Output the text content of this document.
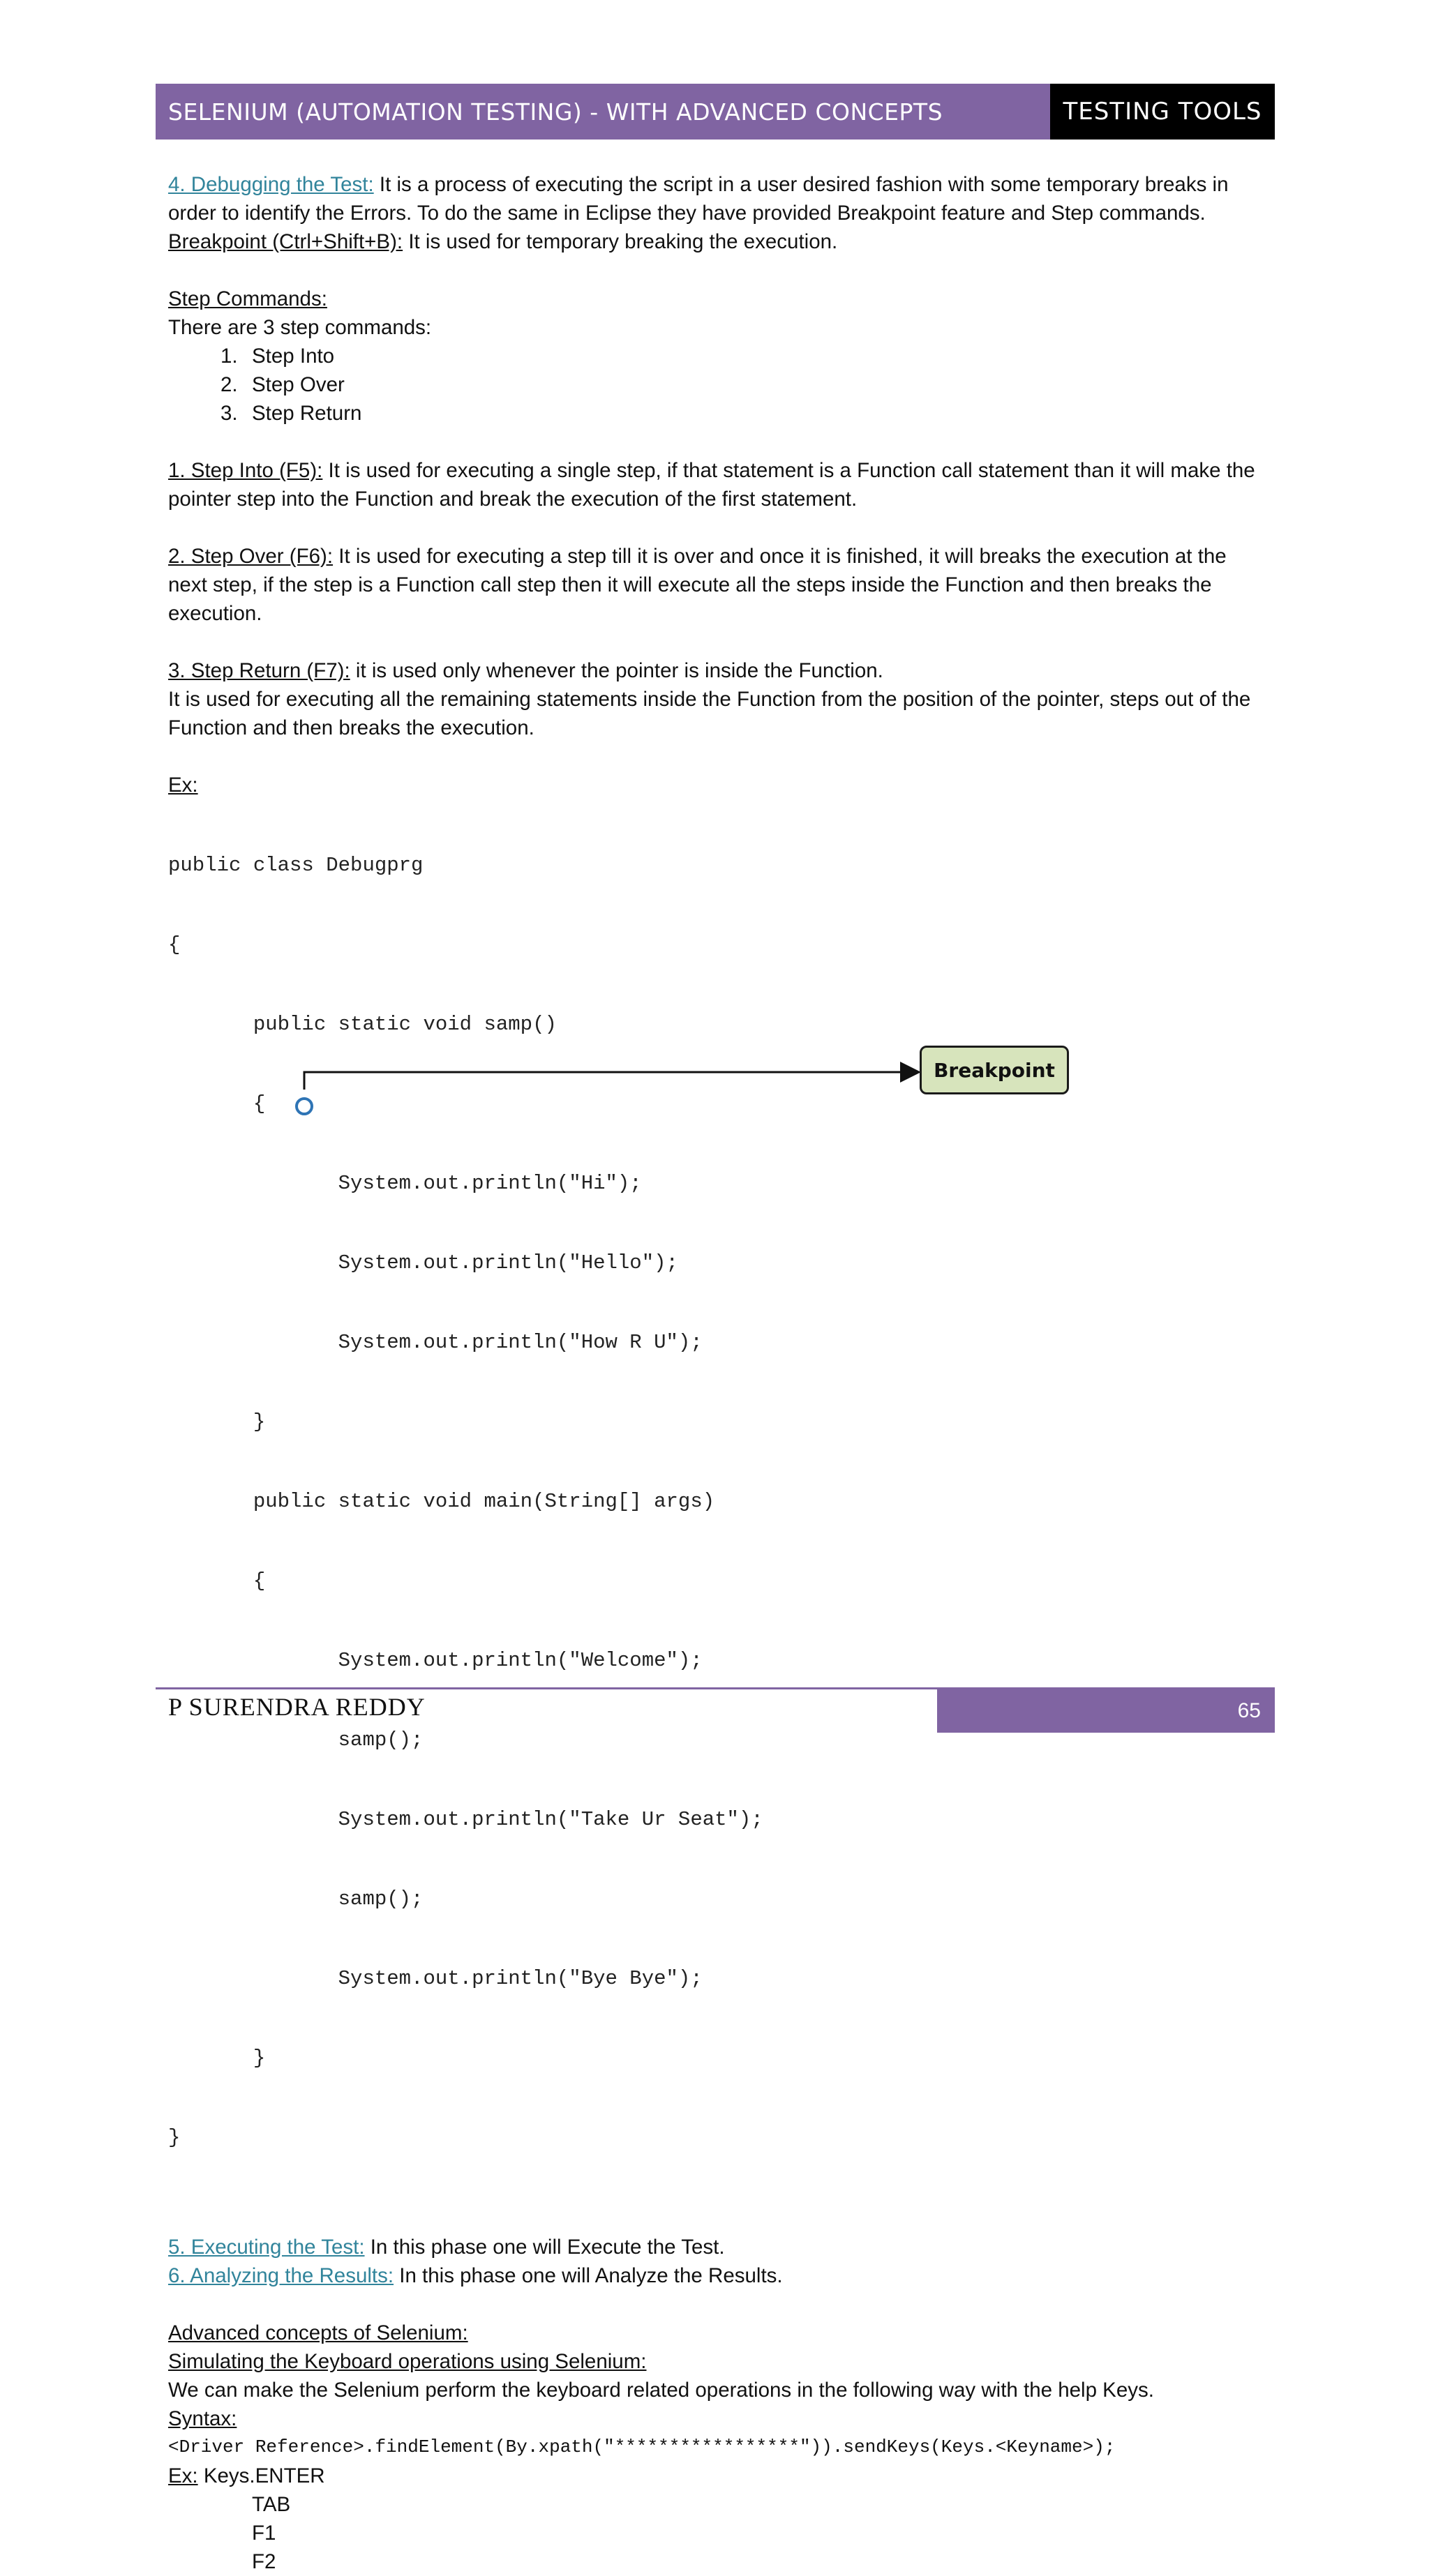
SELENIUM (AUTOMATION TESTING) - WITH ADVANCED CONCEPTS	TESTING TOOLS

4. Debugging the Test: It is a process of executing the script in a user desired fashion with some temporary breaks in order to identify the Errors. To do the same in Eclipse they have provided Breakpoint feature and Step commands.

Breakpoint (Ctrl+Shift+B): It is used for temporary breaking the execution.

Step Commands:

There are 3 step commands:

1. Step Into
2. Step Over
3. Step Return

1. Step Into (F5): It is used for executing a single step, if that statement is a Function call statement than it will make the pointer step into the Function and break the execution of the first statement.

2. Step Over (F6): It is used for executing a step till it is over and once it is finished, it will breaks the execution at the next step, if the step is a Function call step then it will execute all the steps inside the Function and then breaks the execution.

3. Step Return (F7): it is used only whenever the pointer is inside the Function.

It is used for executing all the remaining statements inside the Function from the position of the pointer, steps out of the Function and then breaks the execution.

Ex:

public class Debugprg

{

public static void samp()

{

System.out.println("Hi");

System.out.println("Hello");

System.out.println("How R U");

}

public static void main(String[] args)

{

System.out.println("Welcome");

samp();

System.out.println("Take Ur Seat");

samp();

System.out.println("Bye Bye");

}

}

5. Executing the Test: In this phase one will Execute the Test.

6. Analyzing the Results: In this phase one will Analyze the Results.

Advanced concepts of Selenium:

Simulating the Keyboard operations using Selenium:

We can make the Selenium perform the keyboard related operations in the following way with the help Keys.

Syntax:

<Driver Reference>.findElement(By.xpath("*****************")).sendKeys(Keys.<Keyname>);

Ex: Keys.ENTER

TAB

F1

F2

Breakpoint
P SURENDRA REDDY	65
